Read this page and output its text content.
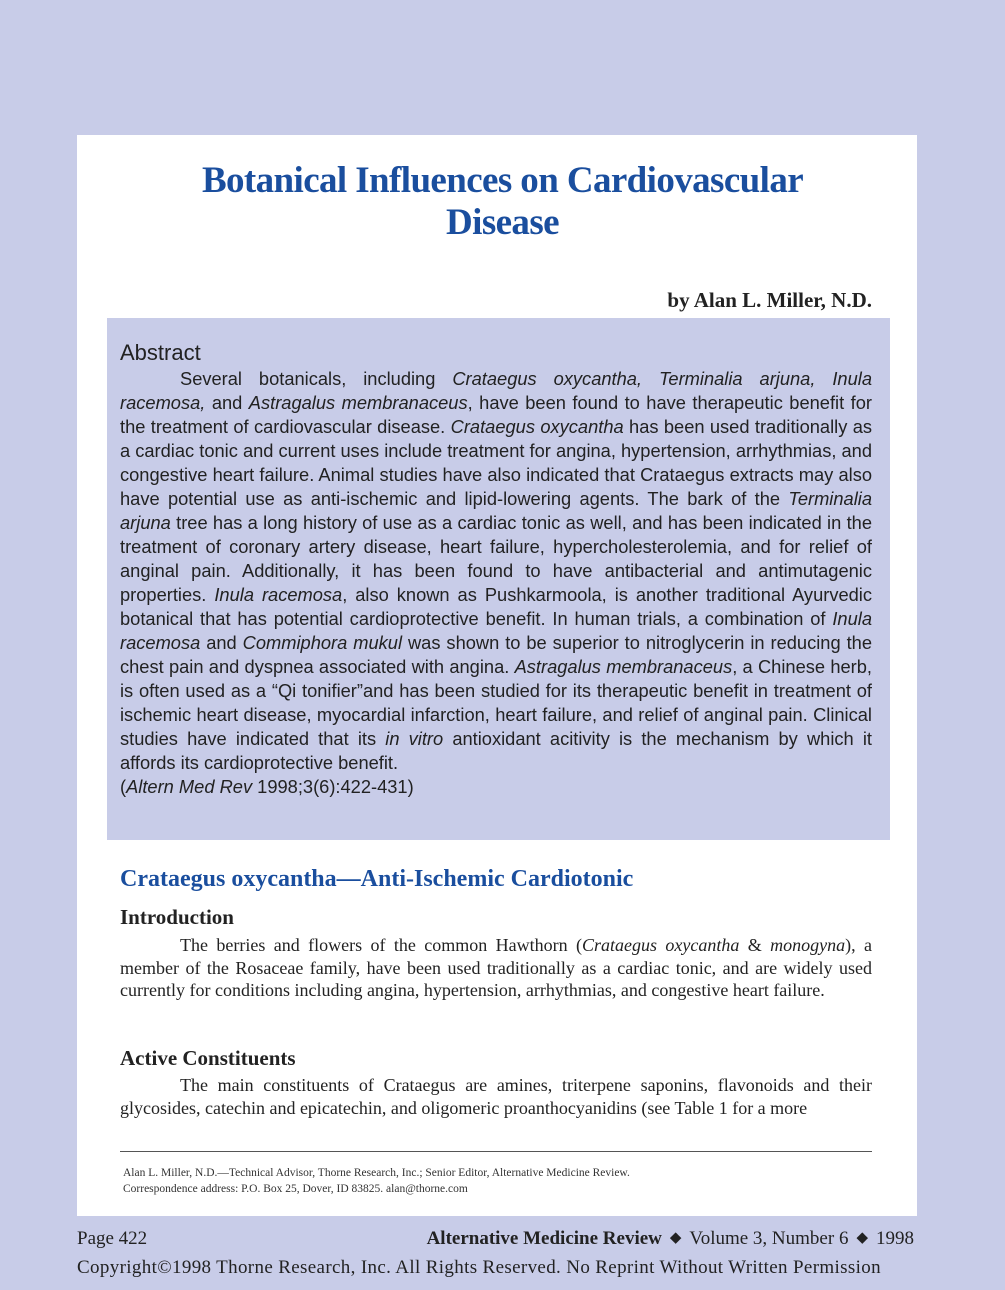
Botanical Influences on Cardiovascular
Disease
by Alan L. Miller, N.D.
Abstract

Several botanicals, including Crataegus oxycantha, Terminalia arjuna, Inula racemosa, and Astragalus membranaceus, have been found to have therapeutic benefit for the treatment of cardiovascular disease. Crataegus oxycantha has been used traditionally as a cardiac tonic and current uses include treatment for angina, hypertension, arrhythmias, and congestive heart failure. Animal studies have also indicated that Crataegus extracts may also have potential use as anti-ischemic and lipid-lowering agents. The bark of the Terminalia arjuna tree has a long history of use as a cardiac tonic as well, and has been indicated in the treatment of coronary artery disease, heart failure, hypercholesterolemia, and for relief of anginal pain. Additionally, it has been found to have antibacterial and antimutagenic properties. Inula racemosa, also known as Pushkarmoola, is another traditional Ayurvedic botanical that has potential cardioprotective benefit. In human trials, a combination of Inula racemosa and Commiphora mukul was shown to be superior to nitroglycerin in reducing the chest pain and dyspnea associated with angina. Astragalus membranaceus, a Chinese herb, is often used as a “Qi tonifier”and has been studied for its therapeutic benefit in treatment of ischemic heart disease, myocardial infarction, heart failure, and relief of anginal pain. Clinical studies have indicated that its in vitro antioxidant acitivity is the mechanism by which it affords its cardioprotective benefit.

(Altern Med Rev 1998;3(6):422-431)

Crataegus oxycantha—Anti-Ischemic Cardiotonic
Introduction

The berries and flowers of the common Hawthorn (Crataegus oxycantha & monogyna), a member of the Rosaceae family, have been used traditionally as a cardiac tonic, and are widely used currently for conditions including angina, hypertension, arrhythmias, and congestive heart failure.

Active Constituents

The main constituents of Crataegus are amines, triterpene saponins, flavonoids and their glycosides, catechin and epicatechin, and oligomeric proanthocyanidins (see Table 1 for a more

Alan L. Miller, N.D.—Technical Advisor, Thorne Research, Inc.; Senior Editor, Alternative Medicine Review.
Correspondence address: P.O. Box 25, Dover, ID 83825. alan@thorne.com
Page 422	Alternative Medicine Review ◆ Volume 3, Number 6 ◆ 1998
Copyright©1998 Thorne Research, Inc. All Rights Reserved. No Reprint Without Written Permission
